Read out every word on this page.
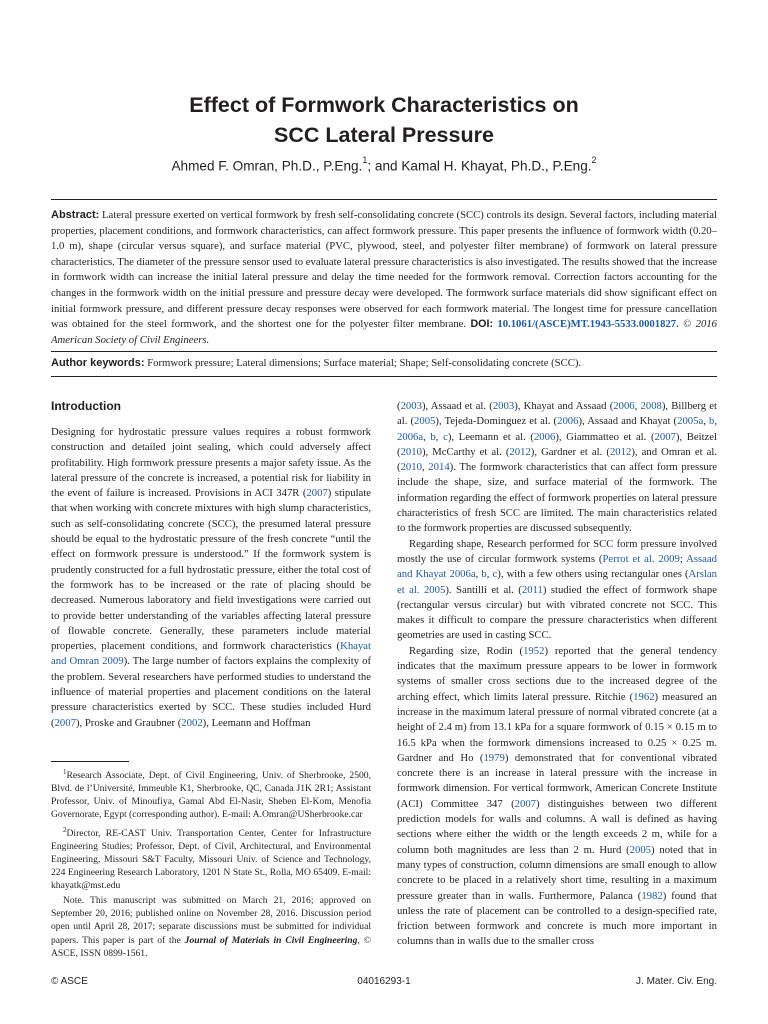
Effect of Formwork Characteristics on
SCC Lateral Pressure
Ahmed F. Omran, Ph.D., P.Eng.$^1$; and Kamal H. Khayat, Ph.D., P.Eng.$^2$
Abstract: Lateral pressure exerted on vertical formwork by fresh self-consolidating concrete (SCC) controls its design. Several factors, including material properties, placement conditions, and formwork characteristics, can affect formwork pressure. This paper presents the influence of formwork width (0.20–1.0 m), shape (circular versus square), and surface material (PVC, plywood, steel, and polyester filter membrane) of formwork on lateral pressure characteristics. The diameter of the pressure sensor used to evaluate lateral pressure characteristics is also investigated. The results showed that the increase in formwork width can increase the initial lateral pressure and delay the time needed for the formwork removal. Correction factors accounting for the changes in the formwork width on the initial pressure and pressure decay were developed. The formwork surface materials did show significant effect on initial formwork pressure, and different pressure decay responses were observed for each formwork material. The longest time for pressure cancellation was obtained for the steel formwork, and the shortest one for the polyester filter membrane. DOI: 10.1061/(ASCE)MT.1943-5533.0001827. © 2016 American Society of Civil Engineers.
Author keywords: Formwork pressure; Lateral dimensions; Surface material; Shape; Self-consolidating concrete (SCC).
Introduction

Designing for hydrostatic pressure values requires a robust formwork construction and detailed joint sealing, which could adversely affect profitability. High formwork pressure presents a major safety issue. As the lateral pressure of the concrete is increased, a potential risk for liability in the event of failure is increased. Provisions in ACI 347R (2007) stipulate that when working with concrete mixtures with high slump characteristics, such as self-consolidating concrete (SCC), the presumed lateral pressure should be equal to the hydrostatic pressure of the fresh concrete “until the effect on formwork pressure is understood.” If the formwork system is prudently constructed for a full hydrostatic pressure, either the total cost of the formwork has to be increased or the rate of placing should be decreased. Numerous laboratory and field investigations were carried out to provide better understanding of the variables affecting lateral pressure of flowable concrete. Generally, these parameters include material properties, placement conditions, and formwork characteristics (Khayat and Omran 2009). The large number of factors explains the complexity of the problem. Several researchers have performed studies to understand the influence of material properties and placement conditions on the lateral pressure characteristics exerted by SCC. These studies included Hurd (2007), Proske and Graubner (2002), Leemann and Hoffman

$^1$Research Associate, Dept. of Civil Engineering, Univ. of Sherbrooke, 2500, Blvd. de l’Université, Immeuble K1, Sherbrooke, QC, Canada J1K 2R1; Assistant Professor, Univ. of Minoufiya, Gamal Abd El-Nasir, Sheben El-Kom, Menofia Governorate, Egypt (corresponding author). E-mail: A.Omran@USherbrooke.car

$^2$Director, RE-CAST Univ. Transportation Center, Center for Infrastructure Engineering Studies; Professor, Dept. of Civil, Architectural, and Environmental Engineering, Missouri S&T Faculty, Missouri Univ. of Science and Technology, 224 Engineering Research Laboratory, 1201 N State St., Rolla, MO 65409. E-mail: khayatk@mst.edu

Note. This manuscript was submitted on March 21, 2016; approved on September 20, 2016; published online on November 28, 2016. Discussion period open until April 28, 2017; separate discussions must be submitted for individual papers. This paper is part of the Journal of Materials in Civil Engineering, © ASCE, ISSN 0899-1561.

(2003), Assaad et al. (2003), Khayat and Assaad (2006, 2008), Billberg et al. (2005), Tejeda-Dominguez et al. (2006), Assaad and Khayat (2005a, b, 2006a, b, c), Leemann et al. (2006), Giammatteo et al. (2007), Beitzel (2010), McCarthy et al. (2012), Gardner et al. (2012), and Omran et al. (2010, 2014). The formwork characteristics that can affect form pressure include the shape, size, and surface material of the formwork. The information regarding the effect of formwork properties on lateral pressure characteristics of fresh SCC are limited. The main characteristics related to the formwork properties are discussed subsequently.

Regarding shape, Research performed for SCC form pressure involved mostly the use of circular formwork systems (Perrot et al. 2009; Assaad and Khayat 2006a, b, c), with a few others using rectangular ones (Arslan et al. 2005). Santilli et al. (2011) studied the effect of formwork shape (rectangular versus circular) but with vibrated concrete not SCC. This makes it difficult to compare the pressure characteristics when different geometries are used in casting SCC.

Regarding size, Rodin (1952) reported that the general tendency indicates that the maximum pressure appears to be lower in formwork systems of smaller cross sections due to the increased degree of the arching effect, which limits lateral pressure. Ritchie (1962) measured an increase in the maximum lateral pressure of normal vibrated concrete (at a height of 2.4 m) from 13.1 kPa for a square formwork of 0.15 × 0.15 m to 16.5 kPa when the formwork dimensions increased to 0.25 × 0.25 m. Gardner and Ho (1979) demonstrated that for conventional vibrated concrete there is an increase in lateral pressure with the increase in formwork dimension. For vertical formwork, American Concrete Institute (ACI) Committee 347 (2007) distinguishes between two different prediction models for walls and columns. A wall is defined as having sections where either the width or the length exceeds 2 m, while for a column both magnitudes are less than 2 m. Hurd (2005) noted that in many types of construction, column dimensions are small enough to allow concrete to be placed in a relatively short time, resulting in a maximum pressure greater than in walls. Furthermore, Palanca (1982) found that unless the rate of placement can be controlled to a design-specified rate, friction between formwork and concrete is much more important in columns than in walls due to the smaller cross

© ASCE	04016293-1	J. Mater. Civ. Eng.
